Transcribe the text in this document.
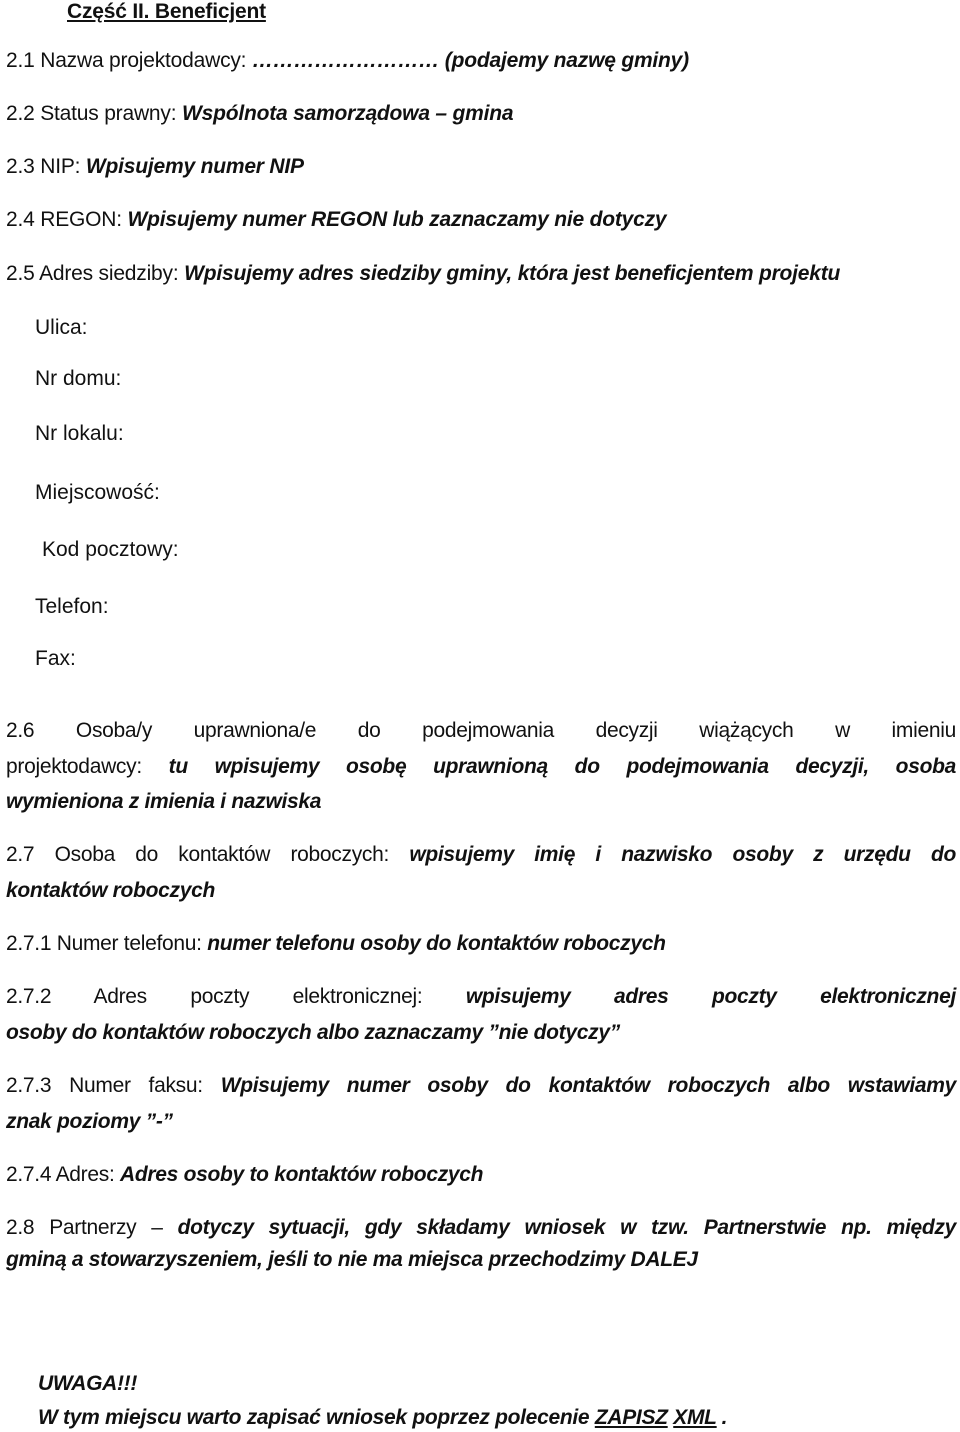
Część II. Beneficjent
2.1 Nazwa projektodawcy: ……………………… (podajemy nazwę gminy)
2.2 Status prawny: Wspólnota samorządowa – gmina
2.3 NIP: Wpisujemy numer NIP
2.4 REGON: Wpisujemy numer REGON lub zaznaczamy nie dotyczy
2.5 Adres siedziby: Wpisujemy adres siedziby gminy, która jest beneficjentem projektu
Ulica:
Nr domu:
Nr lokalu:
Miejscowość:
Kod pocztowy:
Telefon:
Fax:
2.6 Osoba/y uprawniona/e do podejmowania decyzji wiążących w imieniu
projektodawcy: tu wpisujemy osobę uprawnioną do podejmowania decyzji, osoba
wymieniona z imienia i nazwiska
2.7 Osoba do kontaktów roboczych: wpisujemy imię i nazwisko osoby z urzędu do
kontaktów roboczych
2.7.1 Numer telefonu: numer telefonu osoby do kontaktów roboczych
2.7.2 Adres poczty elektronicznej: wpisujemy adres poczty elektronicznej
osoby do kontaktów roboczych albo zaznaczamy ”nie dotyczy”
2.7.3 Numer faksu: Wpisujemy numer osoby do kontaktów roboczych albo wstawiamy
znak poziomy ”-”
2.7.4 Adres: Adres osoby to kontaktów roboczych
2.8 Partnerzy – dotyczy sytuacji, gdy składamy wniosek w tzw. Partnerstwie np. między
gminą a stowarzyszeniem, jeśli to nie ma miejsca przechodzimy DALEJ
UWAGA!!!
W tym miejscu warto zapisać wniosek poprzez polecenie ZAPISZ XML .
